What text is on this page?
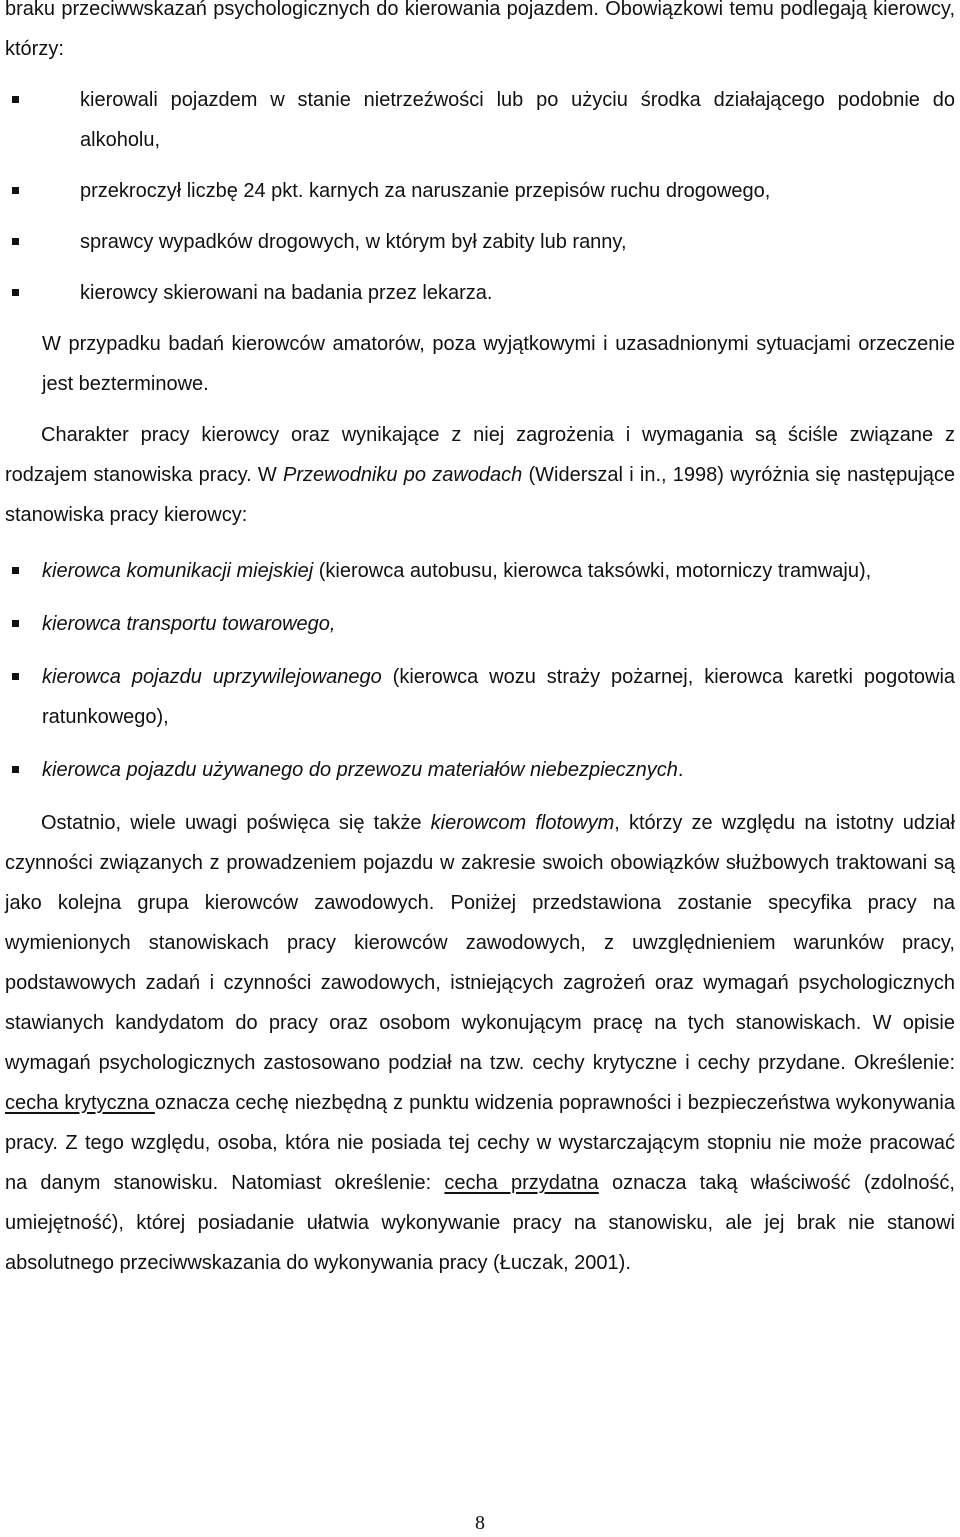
braku przeciwwskazań psychologicznych do kierowania pojazdem. Obowiązkowi temu podlegają kierowcy, którzy:

kierowali pojazdem w stanie nietrzeźwości lub po użyciu środka działającego podobnie do alkoholu,
przekroczył liczbę 24 pkt. karnych za naruszanie przepisów ruchu drogowego,
sprawcy wypadków drogowych, w którym był zabity lub ranny,
kierowcy skierowani na badania przez lekarza.

W przypadku badań kierowców amatorów, poza wyjątkowymi i uzasadnionymi sytuacjami orzeczenie jest bezterminowe.

Charakter pracy kierowcy oraz wynikające z niej zagrożenia i wymagania są ściśle związane z rodzajem stanowiska pracy. W Przewodniku po zawodach (Widerszal i in., 1998) wyróżnia się następujące stanowiska pracy kierowcy:

kierowca komunikacji miejskiej (kierowca autobusu, kierowca taksówki, motorniczy tramwaju),
kierowca transportu towarowego,
kierowca pojazdu uprzywilejowanego (kierowca wozu straży pożarnej, kierowca karetki pogotowia ratunkowego),
kierowca pojazdu używanego do przewozu materiałów niebezpiecznych.

Ostatnio, wiele uwagi poświęca się także kierowcom flotowym, którzy ze względu na istotny udział czynności związanych z prowadzeniem pojazdu w zakresie swoich obowiązków służbowych traktowani są jako kolejna grupa kierowców zawodowych. Poniżej przedstawiona zostanie specyfika pracy na wymienionych stanowiskach pracy kierowców zawodowych, z uwzględnieniem warunków pracy, podstawowych zadań i czynności zawodowych, istniejących zagrożeń oraz wymagań psychologicznych stawianych kandydatom do pracy oraz osobom wykonującym pracę na tych stanowiskach. W opisie wymagań psychologicznych zastosowano podział na tzw. cechy krytyczne i cechy przydane. Określenie: cecha krytyczna oznacza cechę niezbędną z punktu widzenia poprawności i bezpieczeństwa wykonywania pracy. Z tego względu, osoba, która nie posiada tej cechy w wystarczającym stopniu nie może pracować na danym stanowisku. Natomiast określenie: cecha przydatna oznacza taką właściwość (zdolność, umiejętność), której posiadanie ułatwia wykonywanie pracy na stanowisku, ale jej brak nie stanowi absolutnego przeciwwskazania do wykonywania pracy (Łuczak, 2001).

8
